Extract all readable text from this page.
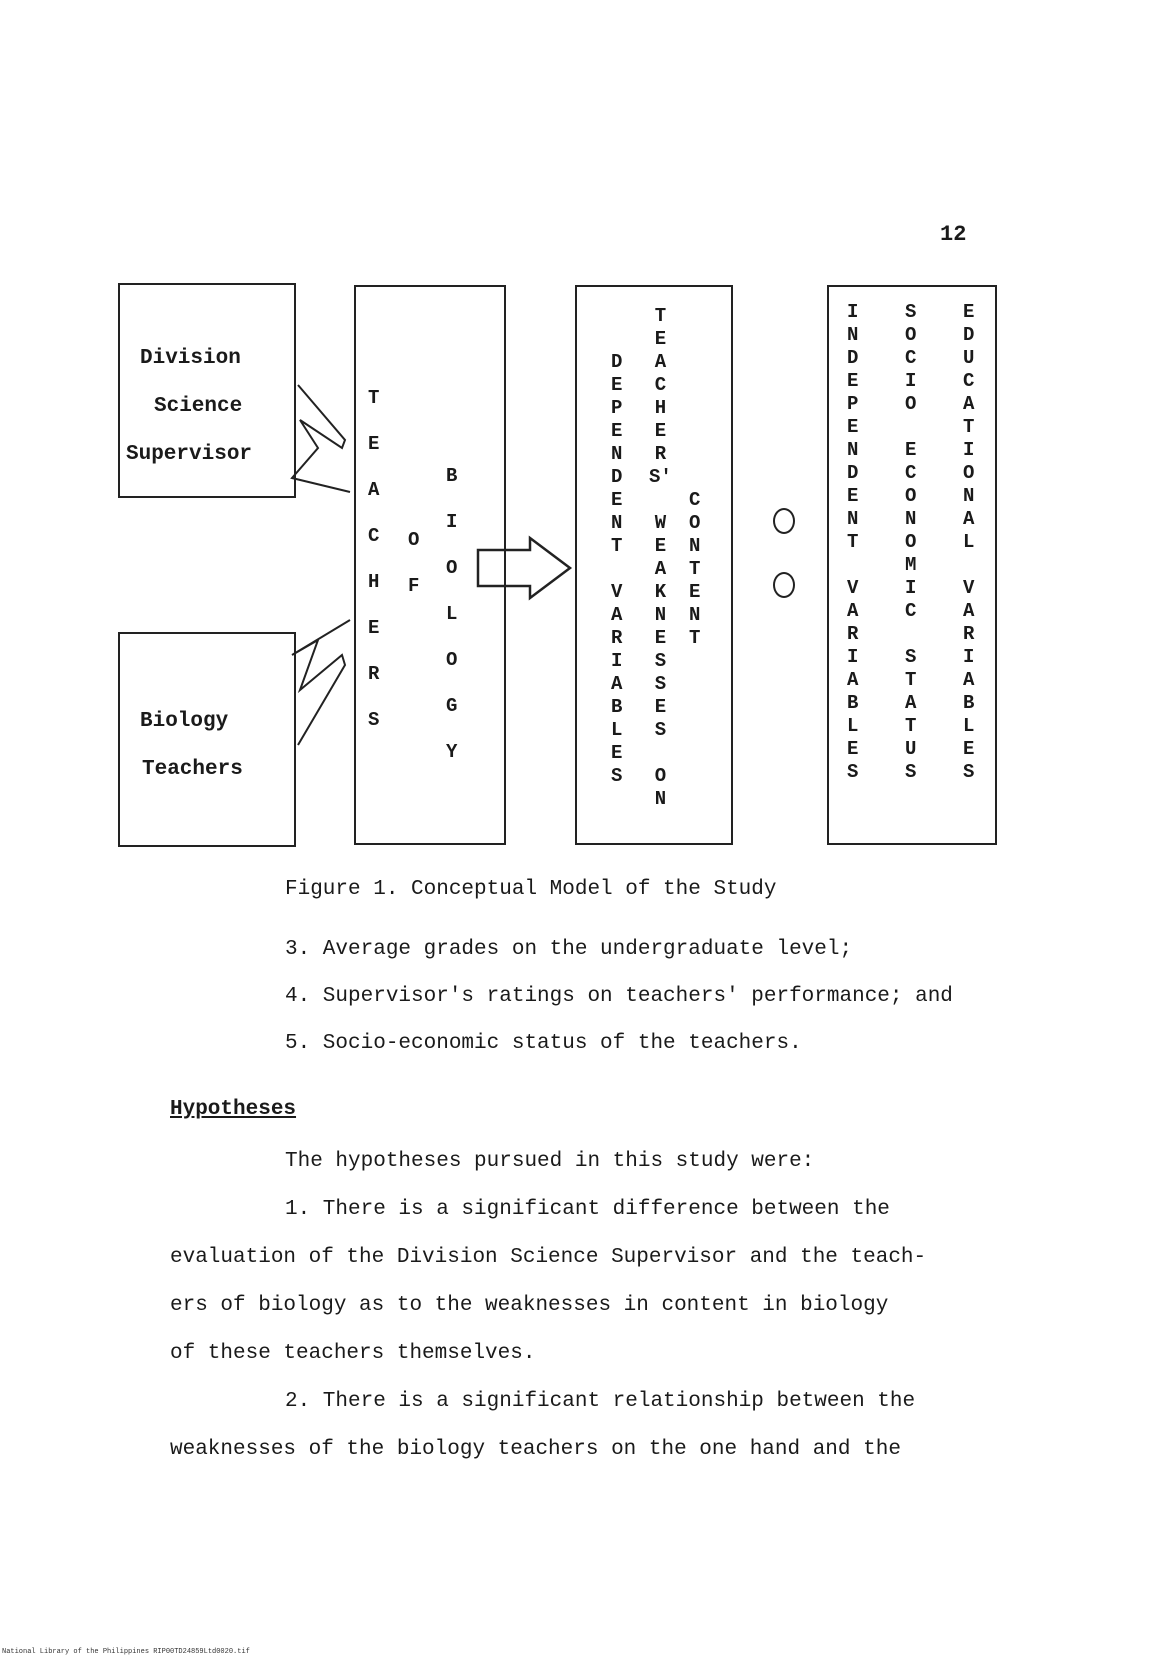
12
Division
Science
Supervisor
Biology
Teachers
T
E
A
C
H
E
R
S
O
F
B
I
O
L
O
G
Y
D
E
P
E
N
D
E
N
T
V
A
R
I
A
B
L
E
S
T
E
A
C
H
E
R
S'
W
E
A
K
N
E
S
S
E
S
O
N
C
O
N
T
E
N
T
I
N
D
E
P
E
N
D
E
N
T
V
A
R
I
A
B
L
E
S
S
O
C
I
O
E
C
O
N
O
M
I
C
S
T
A
T
U
S
E
D
U
C
A
T
I
O
N
A
L
V
A
R
I
A
B
L
E
S
Figure 1. Conceptual Model of the Study
3. Average grades on the undergraduate level;
4. Supervisor's ratings on teachers' performance; and
5. Socio-economic status of the teachers.
Hypotheses
The hypotheses pursued in this study were:
1. There is a significant difference between the
evaluation of the Division Science Supervisor and the teach-
ers of biology as to the weaknesses in content in biology
of these teachers themselves.
2. There is a significant relationship between the
weaknesses of the biology teachers on the one hand and the
National Library of the Philippines RIP00TD24859Ltd0020.tif
